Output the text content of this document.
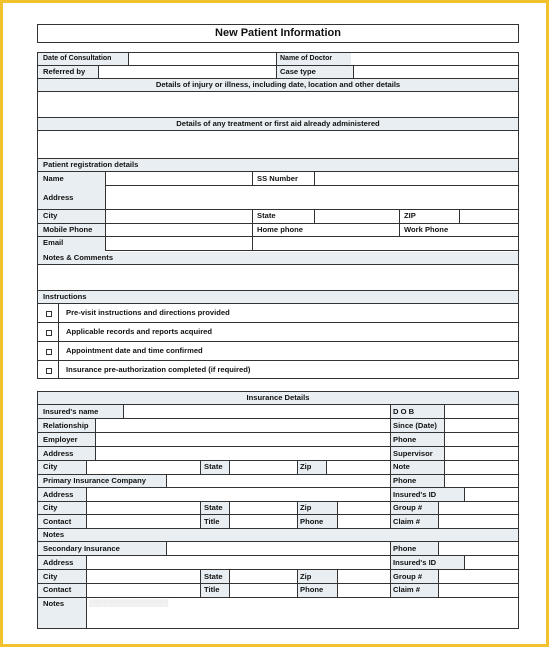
New Patient Information
Date of Consultation	Name of Doctor
Referred by	Case type
Details of injury or illness, including date, location and other details
Details of any treatment or first aid already administered
Patient registration details
Name	SS Number
Address
City	State	ZIP
Mobile Phone	Home phone	Work Phone
Email
Notes & Comments
Instructions
Pre-visit instructions and directions provided
Applicable records and reports acquired
Appointment date and time confirmed
Insurance pre-authorization completed (if required)
Insurance Details
Insured's name	D O B
Relationship	Since (Date)
Employer	Phone
Address	Supervisor
City	State	Zip	Note
Primary Insurance Company	Phone
Address	Insured's ID
City	State	Zip	Group #
Contact	Title	Phone	Claim #
Notes
Secondary Insurance	Phone
Address	Insured's ID
City	State	Zip	Group #
Contact	Title	Phone	Claim #
Notes	▒▒▒▒▒▒▒▒▒▒▒▒▒▒▒▒
